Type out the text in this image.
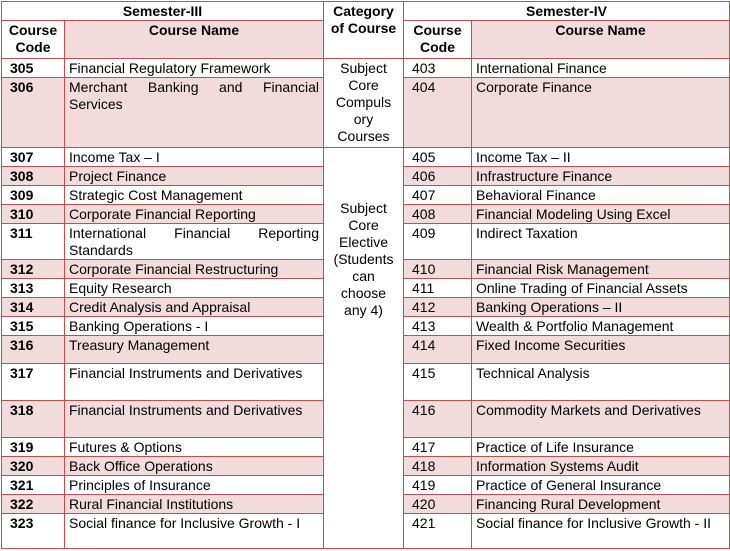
Semester-III		Category of Course	Semester-IV	
Course Code	Course Name		Course Code	Course Name
305	Financial Regulatory Framework	Subject Core Compuls ory Courses	403	International Finance
306	Merchant Banking and Financial Services		404	Corporate Finance
307	Income Tax – I	Subject Core Elective (Students can choose any 4)	405	Income Tax – II
308	Project Finance		406	Infrastructure Finance
309	Strategic Cost Management		407	Behavioral Finance
310	Corporate Financial Reporting		408	Financial Modeling Using Excel
311	International Financial Reporting Standards		409	Indirect Taxation
312	Corporate Financial Restructuring		410	Financial Risk Management
313	Equity Research		411	Online Trading of Financial Assets
314	Credit Analysis and Appraisal		412	Banking Operations – II
315	Banking Operations - I		413	Wealth & Portfolio Management
316	Treasury Management		414	Fixed Income Securities
317	Financial Instruments and Derivatives		415	Technical Analysis
318	Financial Instruments and Derivatives		416	Commodity Markets and Derivatives
319	Futures & Options		417	Practice of Life Insurance
320	Back Office Operations		418	Information Systems Audit
321	Principles of Insurance		419	Practice of General Insurance
322	Rural Financial Institutions		420	Financing Rural Development
323	Social finance for Inclusive Growth - I		421	Social finance for Inclusive Growth - II
